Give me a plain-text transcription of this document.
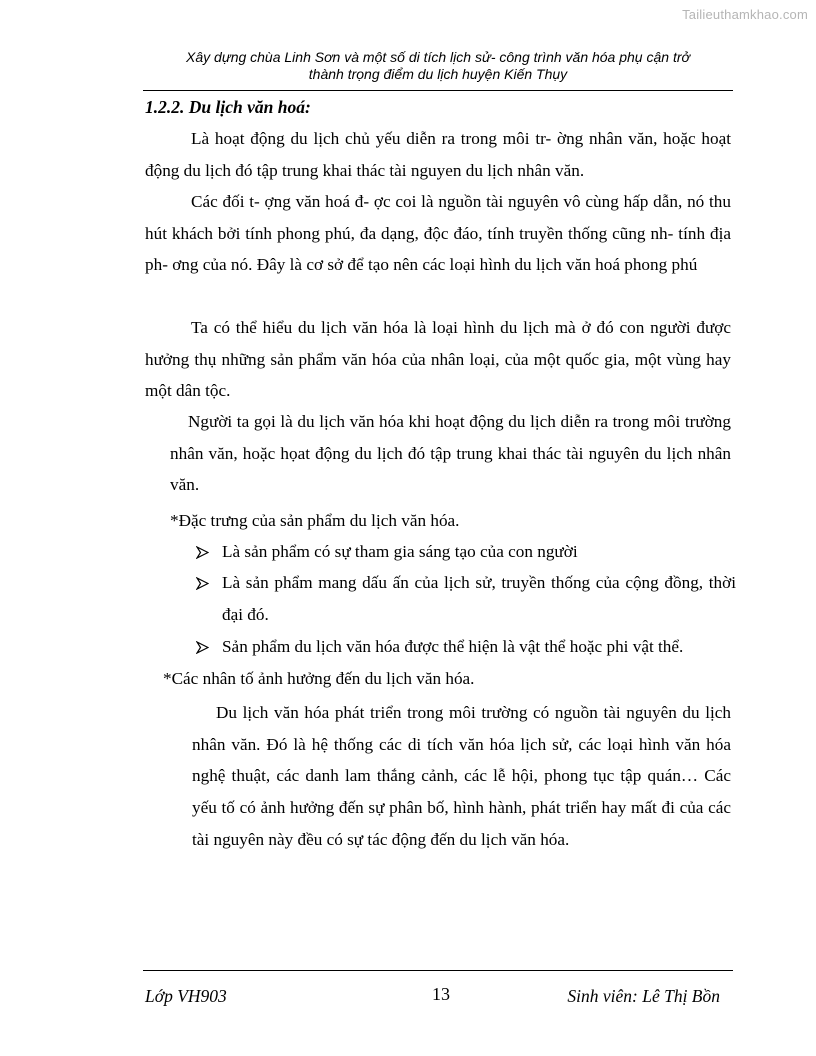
Tailieuthamkhao.com
Xây dựng chùa Linh Sơn và một số di tích lịch sử- công trình văn hóa phụ cận trở
thành trọng điểm du lịch huyện Kiến Thụy
1.2.2. Du lịch văn hoá:

Là hoạt động du lịch chủ yếu diễn ra trong môi tr- ờng nhân văn, hoặc hoạt động du lịch đó tập trung khai thác tài nguyen du lịch nhân văn.

Các đối t- ợng văn hoá đ- ợc coi là nguồn tài nguyên vô cùng hấp dẫn, nó thu hút khách bởi tính phong phú, đa dạng, độc đáo, tính truyền thống cũng nh- tính địa ph- ơng của nó. Đây là cơ sở để tạo nên các loại hình du lịch văn hoá phong phú

Ta có thể hiểu du lịch văn hóa là loại hình du lịch mà ở đó con người được hưởng thụ những sản phẩm văn hóa của nhân loại, của một quốc gia, một vùng hay một dân tộc.

Người ta gọi là du lịch văn hóa khi hoạt động du lịch diễn ra trong môi trường nhân văn, hoặc họat động du lịch đó tập trung khai thác tài nguyên du lịch nhân văn.

*Đặc trưng của sản phẩm du lịch văn hóa.
Là sản phẩm có sự tham gia sáng tạo của con người
Là sản phẩm mang dấu ấn của lịch sử, truyền thống của cộng đồng, thời đại đó.
Sản phẩm du lịch văn hóa được thể hiện là vật thể hoặc phi vật thể.
*Các nhân tố ảnh hưởng đến du lịch văn hóa.

Du lịch văn hóa phát triển trong môi trường có nguồn tài nguyên du lịch nhân văn. Đó là hệ thống các di tích văn hóa lịch sử, các loại hình văn hóa nghệ thuật, các danh lam thắng cảnh, các lễ hội, phong tục tập quán… Các yếu tố có ảnh hưởng đến sự phân bố, hình hành, phát triển hay mất đi của các tài nguyên này đều có sự tác động đến du lịch văn hóa.

Lớp VH903	13	Sinh viên: Lê Thị Bồn
